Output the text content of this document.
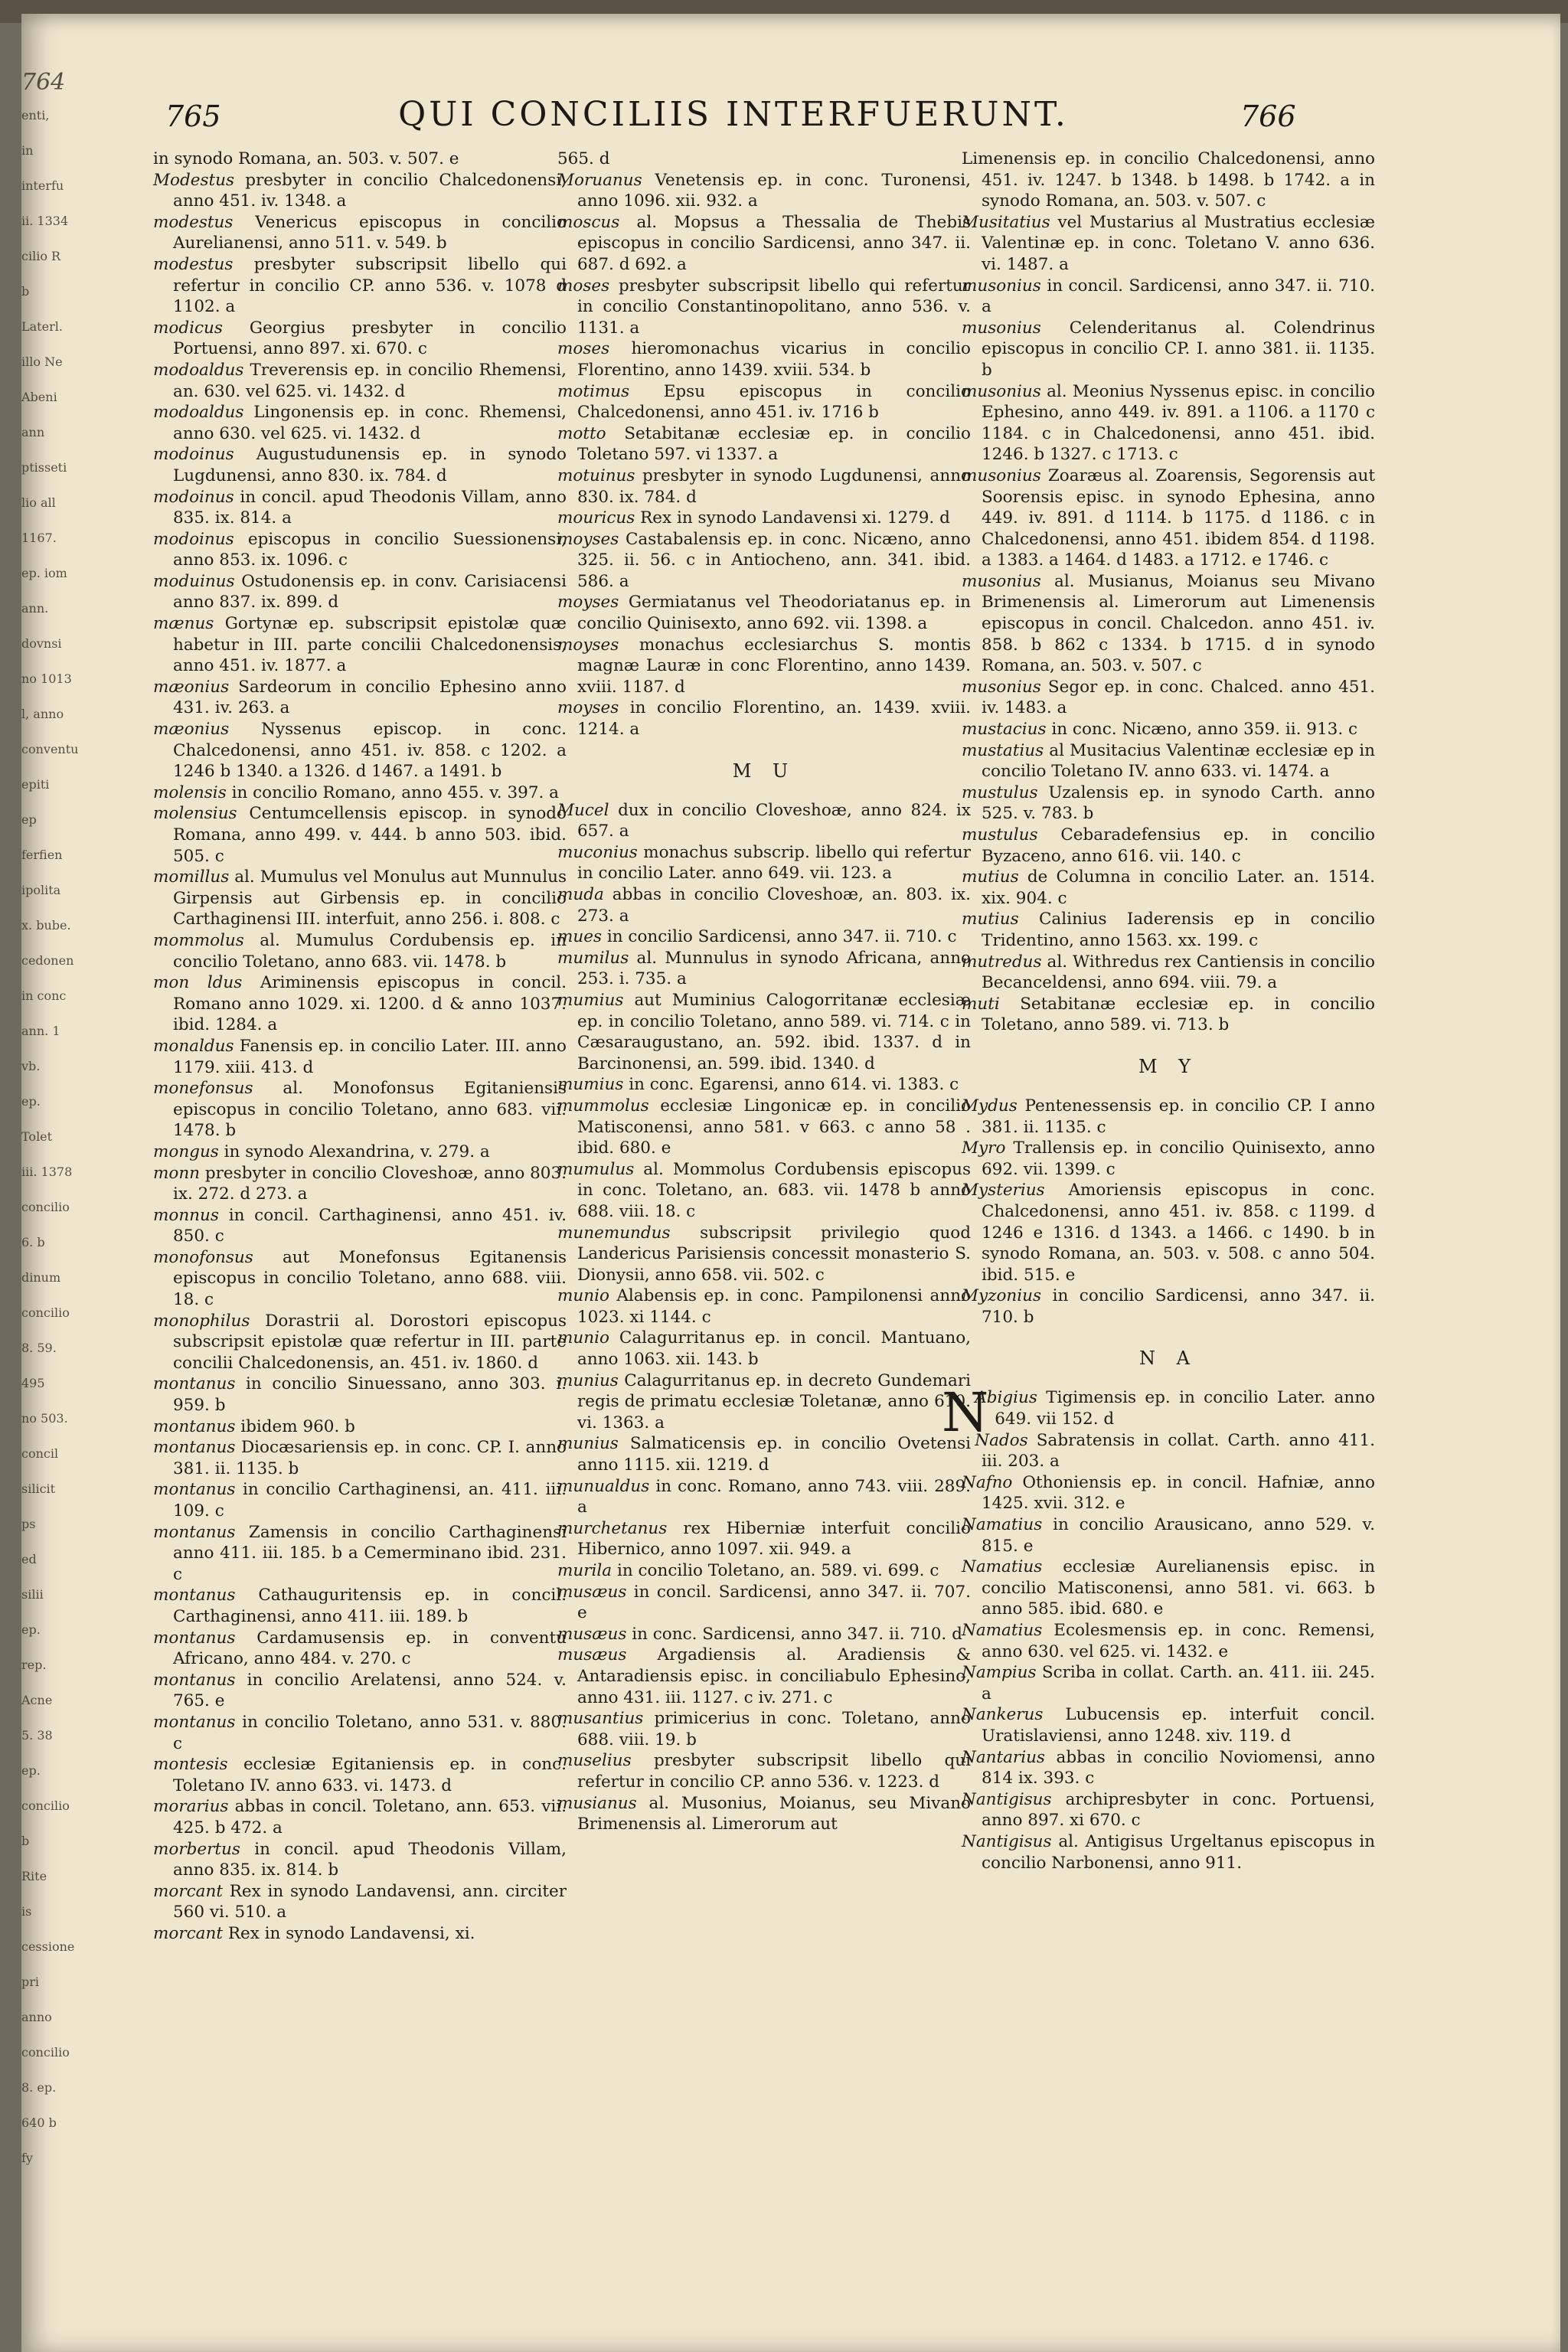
764
enti,
in
interfu
ii. 1334
cilio R
b
Laterl.
illo Ne
Abeni
ann
ptisseti
lio all
1167.
ep. iom
ann.
dovnsi
no 1013
l, anno
conventu
epiti
ep
ferfien
ipolita
x. bube.
cedonen
in conc
ann. 1
vb.
ep.
Tolet
iii. 1378
concilio
6. b
dinum
concilio
8. 59.
495
no 503.
concil
silicit
ps
ed
silii
ep.
rep.
Acne
5. 38
ep.
concilio
b
Rite
is
cessione
pri
anno
concilio
8. ep.
640 b
fy
765	QUI CONCILIIS INTERFUERUNT.	766
in synodo Romana, an. 503. v. 507. e
Modestus presbyter in concilio Chalcedonensi, anno 451. iv. 1348. a
modestus Venericus episcopus in concilio Aurelianensi, anno 511. v. 549. b
modestus presbyter subscripsit libello qui refertur in concilio CP. anno 536. v. 1078 d 1102. a
modicus Georgius presbyter in concilio Portuensi, anno 897. xi. 670. c
modoaldus Treverensis ep. in concilio Rhemensi, an. 630. vel 625. vi. 1432. d
modoaldus Lingonensis ep. in conc. Rhemensi, anno 630. vel 625. vi. 1432. d
modoinus Augustudunensis ep. in synodo Lugdunensi, anno 830. ix. 784. d
modoinus in concil. apud Theodonis Villam, anno 835. ix. 814. a
modoinus episcopus in concilio Suessionensi, anno 853. ix. 1096. c
moduinus Ostudonensis ep. in conv. Carisiacensi anno 837. ix. 899. d
mænus Gortynæ ep. subscripsit epistolæ quæ habetur in III. parte concilii Chalcedonensis, anno 451. iv. 1877. a
mæonius Sardeorum in concilio Ephesino anno 431. iv. 263. a
mæonius Nyssenus episcop. in conc. Chalcedonensi, anno 451. iv. 858. c 1202. a 1246 b 1340. a 1326. d 1467. a 1491. b
molensis in concilio Romano, anno 455. v. 397. a
molensius Centumcellensis episcop. in synodo Romana, anno 499. v. 444. b anno 503. ibid. 505. c
momillus al. Mumulus vel Monulus aut Munnulus Girpensis aut Girbensis ep. in concilio Carthaginensi III. interfuit, anno 256. i. 808. c
mommolus al. Mumulus Cordubensis ep. in concilio Toletano, anno 683. vii. 1478. b
mon ldus Ariminensis episcopus in concil. Romano anno 1029. xi. 1200. d & anno 1037. ibid. 1284. a
monaldus Fanensis ep. in concilio Later. III. anno 1179. xiii. 413. d
monefonsus al. Monofonsus Egitaniensis episcopus in concilio Toletano, anno 683. vii. 1478. b
mongus in synodo Alexandrina, v. 279. a
monn presbyter in concilio Cloveshoæ, anno 803. ix. 272. d 273. a
monnus in concil. Carthaginensi, anno 451. iv. 850. c
monofonsus aut Monefonsus Egitanensis episcopus in concilio Toletano, anno 688. viii. 18. c
monophilus Dorastrii al. Dorostori episcopus subscripsit epistolæ quæ refertur in III. parte concilii Chalcedonensis, an. 451. iv. 1860. d
montanus in concilio Sinuessano, anno 303. i. 959. b
montanus ibidem 960. b
montanus Diocæsariensis ep. in conc. CP. I. anno 381. ii. 1135. b
montanus in concilio Carthaginensi, an. 411. iii. 109. c
montanus Zamensis in concilio Carthaginensi anno 411. iii. 185. b a Cemerminano ibid. 231. c
montanus Cathauguritensis ep. in concil. Carthaginensi, anno 411. iii. 189. b
montanus Cardamusensis ep. in conventu Africano, anno 484. v. 270. c
montanus in concilio Arelatensi, anno 524. v. 765. e
montanus in concilio Toletano, anno 531. v. 880. c
montesis ecclesiæ Egitaniensis ep. in conc. Toletano IV. anno 633. vi. 1473. d
morarius abbas in concil. Toletano, ann. 653. vii. 425. b 472. a
morbertus in concil. apud Theodonis Villam, anno 835. ix. 814. b
morcant Rex in synodo Landavensi, ann. circiter 560 vi. 510. a
morcant Rex in synodo Landavensi, xi.
565. d
Moruanus Venetensis ep. in conc. Turonensi, anno 1096. xii. 932. a
moscus al. Mopsus a Thessalia de Thebis episcopus in concilio Sardicensi, anno 347. ii. 687. d 692. a
moses presbyter subscripsit libello qui refertur in concilio Constantinopolitano, anno 536. v. 1131. a
moses hieromonachus vicarius in concilio Florentino, anno 1439. xviii. 534. b
motimus Epsu episcopus in concilio Chalcedonensi, anno 451. iv. 1716 b
motto Setabitanæ ecclesiæ ep. in concilio Toletano 597. vi 1337. a
motuinus presbyter in synodo Lugdunensi, anno 830. ix. 784. d
mouricus Rex in synodo Landavensi xi. 1279. d
moyses Castabalensis ep. in conc. Nicæno, anno 325. ii. 56. c in Antiocheno, ann. 341. ibid. 586. a
moyses Germiatanus vel Theodoriatanus ep. in concilio Quinisexto, anno 692. vii. 1398. a
moyses monachus ecclesiarchus S. montis magnæ Lauræ in conc Florentino, anno 1439. xviii. 1187. d
moyses in concilio Florentino, an. 1439. xviii. 1214. a
M U
Mucel dux in concilio Cloveshoæ, anno 824. ix 657. a
muconius monachus subscrip. libello qui refertur in concilio Later. anno 649. vii. 123. a
muda abbas in concilio Cloveshoæ, an. 803. ix. 273. a
mues in concilio Sardicensi, anno 347. ii. 710. c
mumilus al. Munnulus in synodo Africana, anno 253. i. 735. a
mumius aut Muminius Calogorritanæ ecclesiæ ep. in concilio Toletano, anno 589. vi. 714. c in Cæsaraugustano, an. 592. ibid. 1337. d in Barcinonensi, an. 599. ibid. 1340. d
mumius in conc. Egarensi, anno 614. vi. 1383. c
mummolus ecclesiæ Lingonicæ ep. in concilio Matisconensi, anno 581. v 663. c anno 58 . ibid. 680. e
mumulus al. Mommolus Cordubensis episcopus in conc. Toletano, an. 683. vii. 1478 b anno 688. viii. 18. c
munemundus subscripsit privilegio quod Landericus Parisiensis concessit monasterio S. Dionysii, anno 658. vii. 502. c
munio Alabensis ep. in conc. Pampilonensi anno 1023. xi 1144. c
munio Calagurritanus ep. in concil. Mantuano, anno 1063. xii. 143. b
munius Calagurritanus ep. in decreto Gundemari regis de primatu ecclesiæ Toletanæ, anno 610. vi. 1363. a
munius Salmaticensis ep. in concilio Ovetensi anno 1115. xii. 1219. d
munualdus in conc. Romano, anno 743. viii. 289. a
murchetanus rex Hiberniæ interfuit concilio Hibernico, anno 1097. xii. 949. a
murila in concilio Toletano, an. 589. vi. 699. c
musæus in concil. Sardicensi, anno 347. ii. 707. e
musæus in conc. Sardicensi, anno 347. ii. 710. d
musæus Argadiensis al. Aradiensis & Antaradiensis episc. in conciliabulo Ephesino, anno 431. iii. 1127. c iv. 271. c
musantius primicerius in conc. Toletano, anno 688. viii. 19. b
muselius presbyter subscripsit libello qui refertur in concilio CP. anno 536. v. 1223. d
musianus al. Musonius, Moianus, seu Mivano Brimenensis al. Limerorum aut
Limenensis ep. in concilio Chalcedonensi, anno 451. iv. 1247. b 1348. b 1498. b 1742. a in synodo Romana, an. 503. v. 507. c
Musitatius vel Mustarius al Mustratius ecclesiæ Valentinæ ep. in conc. Toletano V. anno 636. vi. 1487. a
musonius in concil. Sardicensi, anno 347. ii. 710. a
musonius Celenderitanus al. Colendrinus episcopus in concilio CP. I. anno 381. ii. 1135. b
musonius al. Meonius Nyssenus episc. in concilio Ephesino, anno 449. iv. 891. a 1106. a 1170 c 1184. c in Chalcedonensi, anno 451. ibid. 1246. b 1327. c 1713. c
musonius Zoaræus al. Zoarensis, Segorensis aut Soorensis episc. in synodo Ephesina, anno 449. iv. 891. d 1114. b 1175. d 1186. c in Chalcedonensi, anno 451. ibidem 854. d 1198. a 1383. a 1464. d 1483. a 1712. e 1746. c
musonius al. Musianus, Moianus seu Mivano Brimenensis al. Limerorum aut Limenensis episcopus in concil. Chalcedon. anno 451. iv. 858. b 862 c 1334. b 1715. d in synodo Romana, an. 503. v. 507. c
musonius Segor ep. in conc. Chalced. anno 451. iv. 1483. a
mustacius in conc. Nicæno, anno 359. ii. 913. c
mustatius al Musitacius Valentinæ ecclesiæ ep in concilio Toletano IV. anno 633. vi. 1474. a
mustulus Uzalensis ep. in synodo Carth. anno 525. v. 783. b
mustulus Cebaradefensius ep. in concilio Byzaceno, anno 616. vii. 140. c
mutius de Columna in concilio Later. an. 1514. xix. 904. c
mutius Calinius Iaderensis ep in concilio Tridentino, anno 1563. xx. 199. c
mutredus al. Withredus rex Cantiensis in concilio Becanceldensi, anno 694. viii. 79. a
muti Setabitanæ ecclesiæ ep. in concilio Toletano, anno 589. vi. 713. b
M Y
Mydus Pentenessensis ep. in concilio CP. I anno 381. ii. 1135. c
Myro Trallensis ep. in concilio Quinisexto, anno 692. vii. 1399. c
Mysterius Amoriensis episcopus in conc. Chalcedonensi, anno 451. iv. 858. c 1199. d 1246 e 1316. d 1343. a 1466. c 1490. b in synodo Romana, an. 503. v. 508. c anno 504. ibid. 515. e
Myzonius in concilio Sardicensi, anno 347. ii. 710. b
N A
N
Abigius Tigimensis ep. in concilio Later. anno 649. vii 152. d
Nados Sabratensis in collat. Carth. anno 411. iii. 203. a
Nafno Othoniensis ep. in concil. Hafniæ, anno 1425. xvii. 312. e
Namatius in concilio Arausicano, anno 529. v. 815. e
Namatius ecclesiæ Aurelianensis episc. in concilio Matisconensi, anno 581. vi. 663. b anno 585. ibid. 680. e
Namatius Ecolesmensis ep. in conc. Remensi, anno 630. vel 625. vi. 1432. e
Nampius Scriba in collat. Carth. an. 411. iii. 245. a
Nankerus Lubucensis ep. interfuit concil. Uratislaviensi, anno 1248. xiv. 119. d
Nantarius abbas in concilio Noviomensi, anno 814 ix. 393. c
Nantigisus archipresbyter in conc. Portuensi, anno 897. xi 670. c
Nantigisus al. Antigisus Urgeltanus episcopus in concilio Narbonensi, anno 911.
